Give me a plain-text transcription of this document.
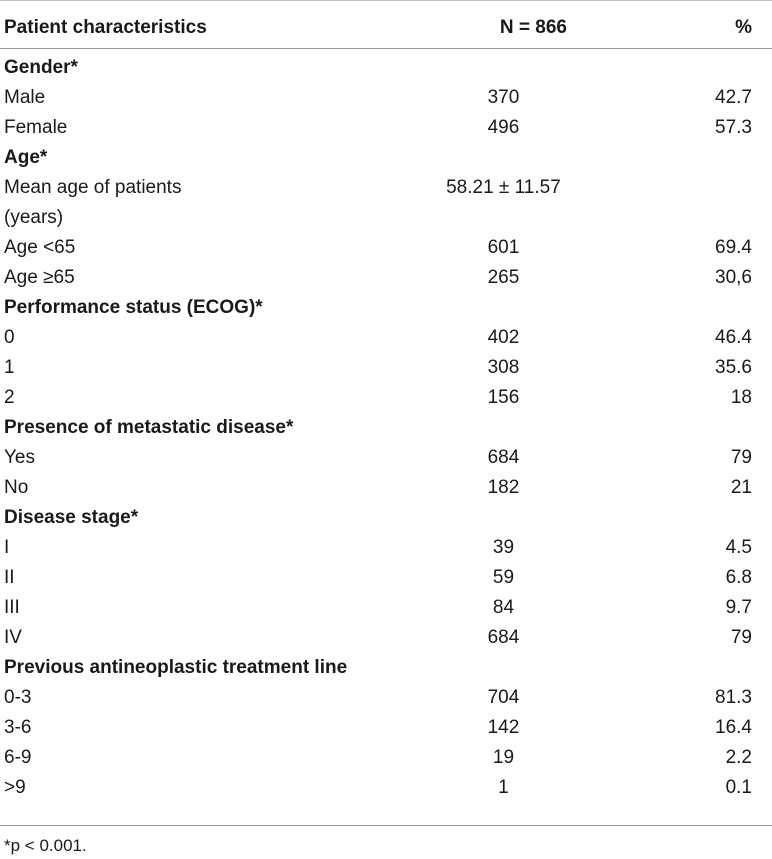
Patient characteristics	N = 866	%
Gender*		
Male	370	42.7
Female	496	57.3
Age*		
Mean age of patients	58.21 ± 11.57	
(years)		
Age <65	601	69.4
Age ≥65	265	30,6
Performance status (ECOG)*		
0	402	46.4
1	308	35.6
2	156	18
Presence of metastatic disease*		
Yes	684	79
No	182	21
Disease stage*		
I	39	4.5
II	59	6.8
III	84	9.7
IV	684	79
Previous antineoplastic treatment line		
0-3	704	81.3
3-6	142	16.4
6-9	19	2.2
>9	1	0.1
*p < 0.001.
